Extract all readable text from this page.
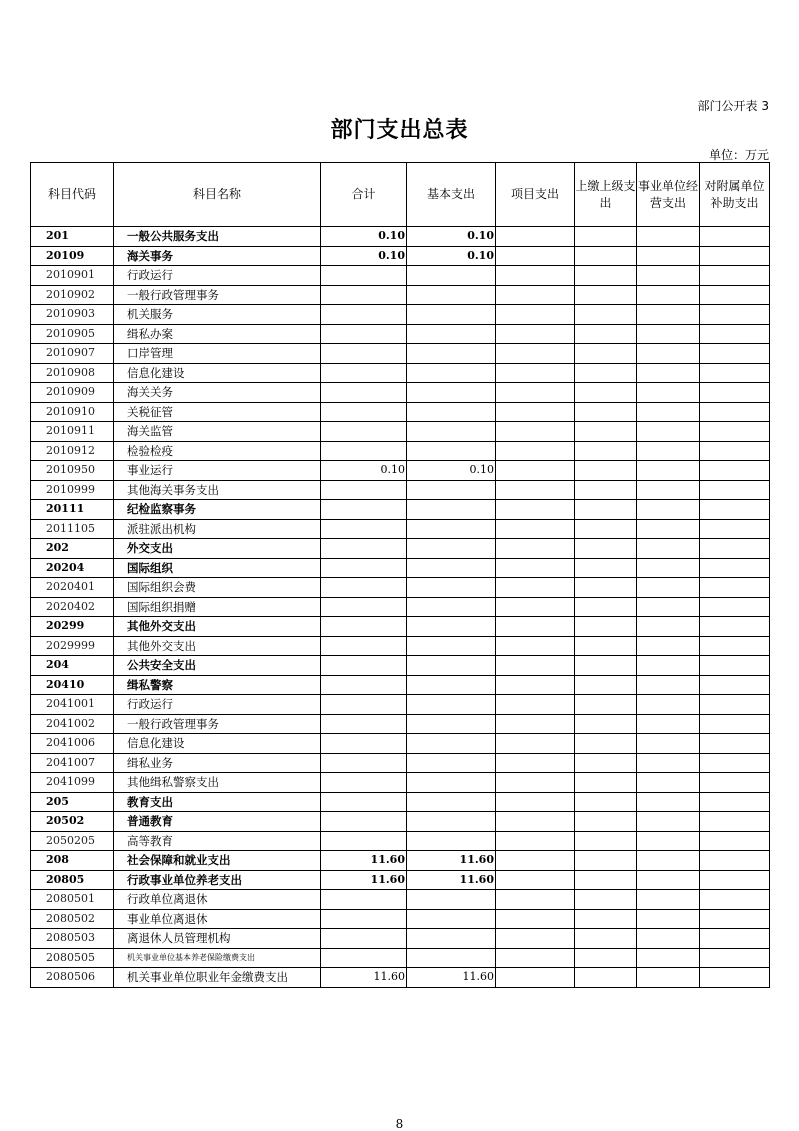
部门公开表 3
部门支出总表
单位：万元
科目代码	科目名称	合计	基本支出	项目支出	上缴上级支出	事业单位经营支出	对附属单位补助支出
201	一般公共服务支出	0.10	0.10				
20109	海关事务	0.10	0.10				
2010901	行政运行						
2010902	一般行政管理事务						
2010903	机关服务						
2010905	缉私办案						
2010907	口岸管理						
2010908	信息化建设						
2010909	海关关务						
2010910	关税征管						
2010911	海关监管						
2010912	检验检疫						
2010950	事业运行	0.10	0.10				
2010999	其他海关事务支出						
20111	纪检监察事务						
2011105	派驻派出机构						
202	外交支出						
20204	国际组织						
2020401	国际组织会费						
2020402	国际组织捐赠						
20299	其他外交支出						
2029999	其他外交支出						
204	公共安全支出						
20410	缉私警察						
2041001	行政运行						
2041002	一般行政管理事务						
2041006	信息化建设						
2041007	缉私业务						
2041099	其他缉私警察支出						
205	教育支出						
20502	普通教育						
2050205	高等教育						
208	社会保障和就业支出	11.60	11.60				
20805	行政事业单位养老支出	11.60	11.60				
2080501	行政单位离退休						
2080502	事业单位离退休						
2080503	离退休人员管理机构						
2080505	机关事业单位基本养老保险缴费支出						
2080506	机关事业单位职业年金缴费支出	11.60	11.60				
8
